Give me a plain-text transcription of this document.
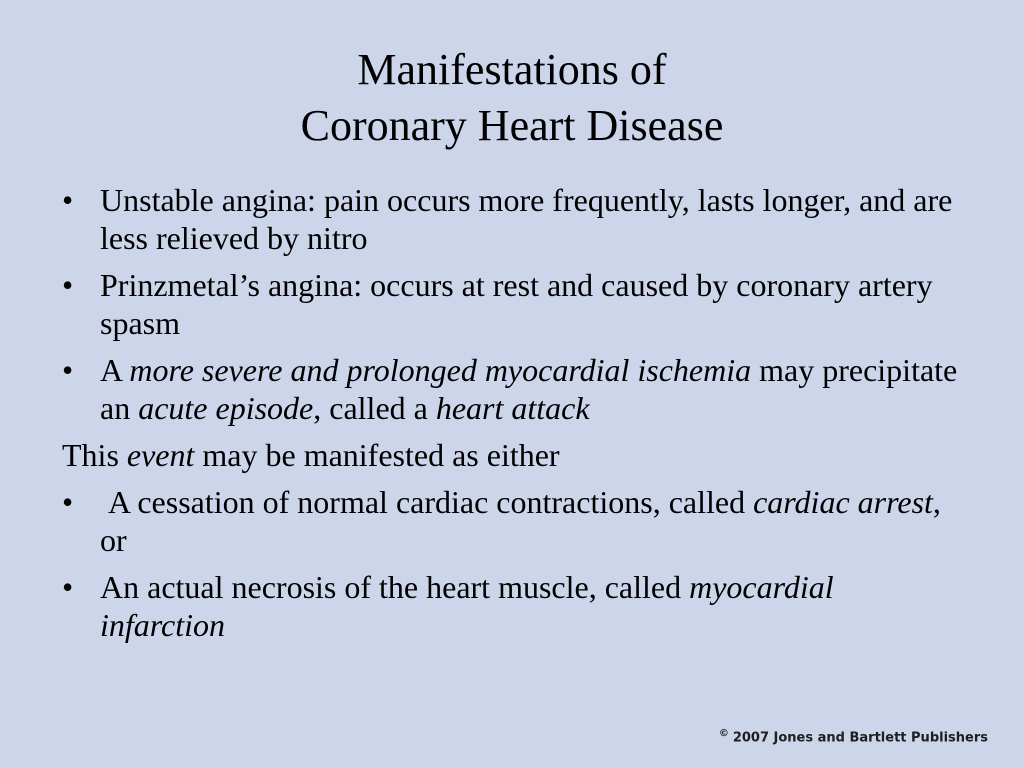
Manifestations of
Coronary Heart Disease
• Unstable angina: pain occurs more frequently, lasts longer, and are less relieved by nitro
• Prinzmetal’s angina: occurs at rest and caused by coronary artery spasm
• A more severe and prolonged myocardial ischemia may precipitate an acute episode, called a heart attack
This event may be manifested as either
• A cessation of normal cardiac contractions, called cardiac arrest, or
• An actual necrosis of the heart muscle, called myocardial infarction
© 2007 Jones and Bartlett Publishers
